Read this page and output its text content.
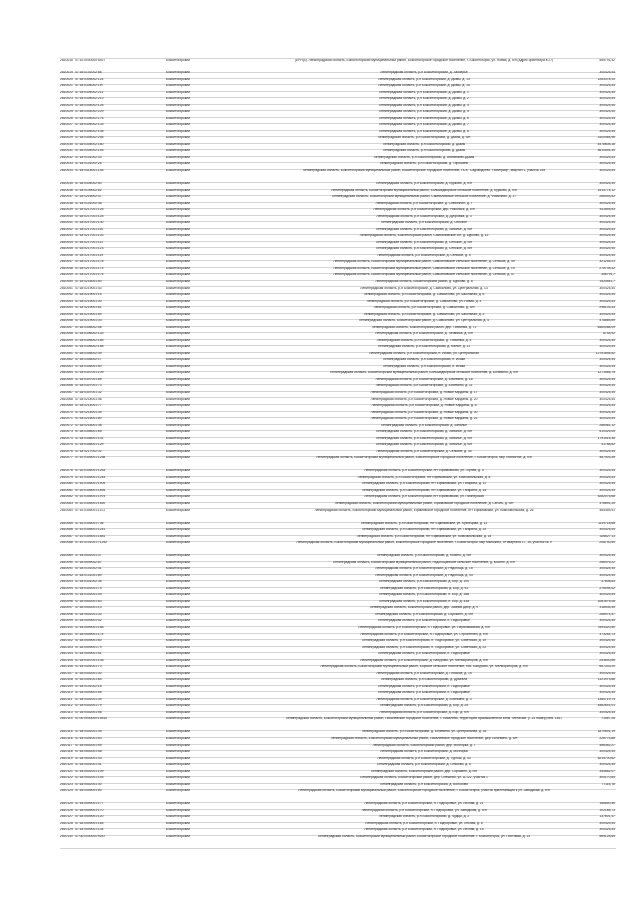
2810018 47:10:0000000:5927	Бокситогорский	(ЕРН(4), Ленинградская область, Бокситогорский муниципальный район, Бокситогорское городское поселение, г. Бокситогорск, ул. Новая, д. б/н (адрес ориентира в 27)	589791,42
2810019 47:16:0101002:58	Бокситогорский	Ленинградская область, р-н Бокситогорский, д. Заозерье	300425,44
2810020 47:18:0305002:124	Бокситогорский	Ленинградская область, р-н Бокситогорский, д. Дымы, д. 13	1263378,10
2810021 47:18:0304002:197	Бокситогорский	Ленинградская область, р-н Бокситогорский, д. Дымы, д. 15	300425,44
2810022 47:18:0304002:211	Бокситогорский	Ленинградская область, р-н Бокситогорский, д. Дымы, д. 1	300425,44
2810023 47:18:0304002:213	Бокситогорский	Ленинградская область, р-н Бокситогорский, д. Дымы, д. 2	300425,44
2810024 47:18:0304002:126	Бокситогорский	Ленинградская область, р-н Бокситогорский, д. Дымы, д. 4	300425,44
2810025 47:18:0304002:229	Бокситогорский	Ленинградская область, р-н Бокситогорский, д. Дымы, д. 5	300425,44
2810026 47:18:0304002:176	Бокситогорский	Ленинградская область, р-н Бокситогорский, д. Дымы, д. 6	300425,44
2810027 47:18:0304002:133	Бокситогорский	Ленинградская область, р-н Бокситогорский, д. Дымы, д. 7	300425,44
2810028 47:18:0304002:108	Бокситогорский	Ленинградская область, р-н Бокситогорский, д. Дымы, д. 8	300425,44
2810029 47:18:0304002:246	Бокситогорский	Ленинградская область, р-н Бокситогорский, д. Дымы, д. б/н	3100464,96
2810030 47:18:0304002:180	Бокситогорский	Ленинградская область, р-н Бокситогорский, д. Дымы	4478608,18
2810031 47:18:0304002:145	Бокситогорский	Ленинградская область, р-н Бокситогорский, д. Дымы	5610544,30
2810032 47:18:0101002:33	Бокситогорский	Ленинградская область, р-н Бокситогорский, д. Анисимово-Дымы	300425,44
2810033 47:18:0101002:26	Бокситогорский	Ленинградская область, р-н Бокситогорский, д. Торошино	300425,44
2810034 47:18:0414001:145	Бокситогорский	Ленинградская область, Бокситогорский муниципальный район, Бокситогорское городское поселение, ПСК "Садоводство "Полиграф", квартал 1, участок 155	300425,44
2810035 47:18:0304002:50	Бокситогорский	Ленинградская область, р-н Бокситогорский, д. Бурково, д. б/н	300425,44
2810036 47:18:0149002:82	Бокситогорский	Ленинградская область, Бокситогорский муниципальный район, Большедворское сельское поселение, д. Бурково, д. б/н	1514774,12
2810037 47:18:0216002:47	Бокситогорский	Ленинградская область, Бокситогорский муниципальный район, Самойловское сельское поселение, д. Фомичёво, д. 17	266493,52
2810038 47:18:0101002:38	Бокситогорский	Ленинградская область, р-н Бокситогорский, д. Совхозное, д. 7	300425,44
2810039 47:18:0217001:126	Бокситогорский	Ленинградская область, р-н Бокситогорский, дер. Никольск, д. б/н	511845,53
2810040 47:18:0217001:128	Бокситогорский	Ленинградская область, р-н Бокситогорский, д. Дубровка, д. 3	300425,44
2810041 47:18:0217001:130	Бокситогорский	Ленинградская область, р-н Бокситогорский, д. Сенское	300425,44
2810042 47:18:0217001:110	Бокситогорский	Ленинградская область, р-н Бокситогорский, д. Заполье, д. б/н	300425,44
2810043 47:18:0217001:103	Бокситогорский	Ленинградская область, Бокситогорский район, Самойловское с/п, д. Бурково, д. 13	300425,44
2810044 47:18:0217001:111	Бокситогорский	Ленинградская область, р-н Бокситогорский, д. Сенское, д. б/н	300425,44
2810045 47:18:0217001:123	Бокситогорский	Ленинградская область, р-н Бокситогорский, д. Сенское, д. б/н	300425,44
2810046 47:18:0217001:119	Бокситогорский	Ленинградская область, р-н Бокситогорский, д. Сенское, д. 5	300425,44
2810047 47:18:0217001:178	Бокситогорский	Ленинградская область, Бокситогорский муниципальный район, Самойловское сельское поселение, д. Сенское, д. 49	321245,23
2810048 47:18:0217001:174	Бокситогорский	Ленинградская область, Бокситогорский муниципальный район, Самойловское сельское поселение, д. Сенское, д. 19	278735,32
2810049 47:18:0217001:176	Бокситогорский	Ленинградская область, Бокситогорский муниципальный район, Самойловское сельское поселение, д. Сенское, д. 57	356791,7
2810050 47:18:0216001:50	Бокситогорский	Ленинградская область, Бокситогорский район, д. Бурково, д. 8	1524541,7
2810051 47:18:0219001:43	Бокситогорский	Ленинградская область, р-н Бокситогорский, д. Самойлово, ул. Центральная, д. 13	300425,44
2810052 47:18:0219001:15	Бокситогорский	Ленинградская область, р-н Бокситогорский, д. Самойлово, ул. Школьная, д. 6	300425,44
2810053 47:18:0219001:30	Бокситогорский	Ленинградская область, р-н Бокситогорский, д. Самойлово, ул. Новая, д. 4	300425,44
2810054 47:18:0219001:81	Бокситогорский	Ленинградская область, р-н Бокситогорский, д. Самойлово, д. б/н	296103,33
2810055 47:18:0219001:54	Бокситогорский	Ленинградская область, р-н Бокситогорский, д. Самойлово, ул. Школьная, д. 3	300425,44
2810056 47:18:0219001:33	Бокситогорский	Ленинградская область, Бокситогорский район, д. Самойлово, ул. Центральная, д. 4	478865,89
2810057 47:18:0306002:58	Бокситогорский	Ленинградская область, Бокситогорский район, дер. Тихвинка, д. 71	6460088,09
2810058 47:18:0306002:133	Бокситогорский	Ленинградская область, р-н Бокситогорский, д. Тихвинка, д. б/н	6745,92
2810059 47:18:0306002:165	Бокситогорский	Ленинградская область, р-н Бокситогорский, д. Тихвинка, д. 5	300425,44
2810060 47:18:0306002:168	Бокситогорский	Ленинградская область, р-н Бокситогорский, д. Мелье, д. 11	300425,44
2810061 47:18:0306002:49	Бокситогорский	Ленинградская область, р-н Бокситогорский, п. Исаки, ул. Центральная	12751846,52
2810062 47:18:0306002:17	Бокситогорский	Ленинградская область, р-н Бокситогорский, п. Исаки	300425,44
2810063 47:18:0306001:50	Бокситогорский	Ленинградская область, р-н Бокситогорский, п. Исаки	300425,44
2810064 47:18:0307001:109	Бокситогорский	Ленинградская область, Бокситогорский муниципальный район, Большедворское сельское поселение, д. Бочевино, д. б/н	1271585,75
2810065 47:18:0307001:85	Бокситогорский	Ленинградская область, р-н Бокситогорский, д. Бочевино, д. 18	300425,44
2810066 47:18:0307001:73	Бокситогорский	Ленинградская область, р-н Бокситогорский, д. Бочевино, д. 11	300425,44
2810067 47:18:0307001:32	Бокситогорский	Ленинградская область, р-н Бокситогорский, д. Новые Карданы, д. 17	300425,44
2810068 47:18:0214001:46	Бокситогорский	Ленинградская область, р-н Бокситогорский, д. Новые Карданы, д. 20	300425,44
2810069 47:18:0214001:77	Бокситогорский	Ленинградская область, р-н Бокситогорский, д. Новые Карданы, д. 8	300425,44
2810070 47:18:0214001:35	Бокситогорский	Ленинградская область, р-н Бокситогорский, д. Новые Карданы, д. 30	300425,44
2810071 47:18:0216001:80	Бокситогорский	Ленинградская область, р-н Бокситогорский, д. Новые Карданы, д. 21	300425,44
2810072 47:18:0216001:38	Бокситогорский	Ленинградская область, р-н Бокситогорский, д. Заполье	286461,12
2810073 47:18:0308001:65	Бокситогорский	Ленинградская область, р-н Бокситогорский, д. Заполье, д. б/н	510325,05
2810074 47:18:0308001:131	Бокситогорский	Ленинградская область, р-н Бокситогорский, д. Заполье, д. б/н	1791515,38
2810075 47:18:0308001:129	Бокситогорский	Ленинградская область, р-н Бокситогорский, д. Заполье, д. б/н	41788,82
2810076 47:18:0217002:32	Бокситогорский	Ленинградская область, р-н Бокситогорский, д. Сенское, д. 34	300425,44
2810077 47:10:0305001:1258	Бокситогорский	Ленинградская область, Бокситогорский муниципальный район, Бокситогорское городское поселение, г. Бокситогорск, мкр Глинистое, д. б/н	487403,35
2810078 47:10:0305001:1253	Бокситогорский	Ленинградская область, р-н Бокситогорский, пгт Ефимовский, ул. Горная, д. 4	300425,44
2810079 47:10:0305001:1244	Бокситогорский	Ленинградская область, р-н Бокситогорский, пгт Ефимовский, ул. Комсомольская, д. 8	300425,44
2810080 47:10:0305001:1904	Бокситогорский	Ленинградская область, р-н Бокситогорский, пгт Ефимовский, ул. Гагарина, д. 11	300425,44
2810081 47:10:0305001:1894	Бокситогорский	Ленинградская область, р-н Бокситогорский, пгт Ефимовский, ул. Гагарина, д. 15	300425,44
2810082 47:10:0305001:1975	Бокситогорский	Ленинградская область, р-н Бокситогорский, пгт Ефимовский, ул. Пионерская	5282076,68
2810083 47:10:0305001:1520	Бокситогорский	Ленинградская область, Бокситогорский муниципальный район, Ефимовское городское поселение, д. Сеголь, д. б/н	376891,25
2810084 47:10:0305001:1472	Бокситогорский	Ленинградская область, Бокситогорский муниципальный район, Ефимовское городское поселение, пгт Ефимовский, ул. Комсомольская, д. 26	484455,51
2810085 47:10:0305001:736	Бокситогорский	Ленинградская область, р-н Бокситогорский, пгт Ефимовский, ул. Кузнецова, д. 13	1119718,68
2810086 47:10:0305001:1241	Бокситогорский	Ленинградская область, р-н Бокситогорский, пгт Ефимовский, ул. Гагарина, д. 23	300425,44
2810087 47:10:0305001:1681	Бокситогорский	Ленинградская область, р-н Бокситогорский, пгт Ефимовский, ул. Комсомольская, д. 15	326627,11
2810088 47:10:0101001:71242	Бокситогорский	Ленинградская область, Бокситогорский муниципальный район, Бокситогорское городское поселение, г. Бокситогорск, мкр Мяльзино, от квартала 17, 18, участок № 9	208740,50
2810089 47:18:0501001:37	Бокситогорский	Ленинградская область, р-н Бокситогорский, д. Косино, д. б/н	300425,44
2810090 47:18:0509002:87	Бокситогорский	Ленинградская область, Бокситогорский муниципальный район, Радогощинское сельское поселение, д. Косино, д. б/н	266476,22
2810091 47:18:0101002:41	Бокситогорский	Ленинградская область, р-н Бокситогорский, д. Радогощь, д. 15	300425,44
2810092 47:18:0101001:80	Бокситогорский	Ленинградская область, р-н Бокситогорский, д. Радогощь, д. 44	300425,44
2810093 47:18:0301002:36	Бокситогорский	Ленинградская область, р-н Бокситогорский, д. Бор, д. 100	47808,63
2810094 47:18:0302001:74	Бокситогорский	Ленинградская область, р-н Бокситогорский, д. Бор, д. 93	276094,02
2810095 47:18:0302001:49	Бокситогорский	Ленинградская область, р-н Бокситогорский, п. Бор, д. 18А	300425,44
2810096 47:18:0502001:63	Бокситогорский	Ленинградская область, р-н Бокситогорский, п. Бор, д. 43а	1081675,08
2810097 47:18:0502001:13	Бокситогорский	Ленинградская область, Бокситогорский район, дер. Заяний Двор, д. 9	318535,45
2810098 47:18:0501001:30	Бокситогорский	Ленинградская область, р-н Бокситогорский, д. Сорокино, д. б/н	268974,57
2810099 47:18:0509001:42	Бокситогорский	Ленинградская область, р-н Бокситогорский, п. Подборовье	300425,44
2810100 47:18:0509001:168	Бокситогорский	Ленинградская область, р-н Бокситогорский, п. Подборовье, ул. Первомайская, д. б/н	7894320,50
2810101 47:18:0509001:174	Бокситогорский	Ленинградская область, р-н Бокситогорский, п. Подборовье, ул. Строителей, д. б/н	373264,73
2810102 47:18:0509001:80	Бокситогорский	Ленинградская область, р-н Бокситогорский, п. Подборовье, ул. Советская, д. 19	300425,44
2810103 47:18:0509001:79	Бокситогорский	Ленинградская область, р-н Бокситогорский, п. Подборовье, ул. Советская, д. 23	300425,44
2810104 47:18:0509001:51	Бокситогорский	Ленинградская область, р-н Бокситогорский, п. Подборовье	300425,44
2810105 47:18:0407001:136	Бокситогорский	Ленинградская область, р-н Бокситогорский, д. Бабурово, ул. Мелиораторов, д. б/н	253640,66
2810106 47:18:0401001:73	Бокситогорский	Ленинградская область, Бокситогорский муниципальный район, Борское сельское поселение, пос. Бабурово, ул. Мелиораторов, д. б/н	667333,20
2810107 47:18:0402001:30	Бокситогорский	Ленинградская область, р-н Бокситогорский, д. Плоское, д. 15	300425,44
2810108 47:18:0401001:84	Бокситогорский	Ленинградская область, р-н Бокситогорский, д. Дрыгала	1121973,86
2810109 47:18:0101002:18	Бокситогорский	Ленинградская область, р-н Бокситогорский, п. Подборовье	300425,44
2810110 47:18:0509001:55	Бокситогорский	Ленинградская область, р-н Бокситогорский, п. Подборовье	300425,44
2810111 47:18:0401001:34	Бокситогорский	Ленинградская область, р-н Бокситогорский, д. Бочевино, д. 3	1380719,74
2810112 47:18:0402001:79	Бокситогорский	Ленинградская область, р-н Бокситогорский, д. Бор, д. 25	4482641,01
2810113 47:18:0402001:56	Бокситогорский	Ленинградская область, р-н Бокситогорский, д. Бор, д. б/н	300425,44
2810114 47:00:0000000:15510	Бокситогорский	Ленинградская область, Бокситогорский муниципальный район, Пикалевское городское поселение, г. Пикалево, территория промышленной зоны "Метахим" (Г.14 номер) инв. 1467	71587,28
2810115 47:18:0401001:35	Бокситогорский	Ленинградская область, р-н Бокситогорский, д. Бочевино, ул. Центральная, д. 35	1879891,19
2810116 47:18:0401001:63	Бокситогорский	Ленинградская область, Бокситогорский муниципальный район, Пикалевское городское поселение, дер. Бочевино, д. б/н	228775,88
2810117 47:18:0602001:59	Бокситогорский	Ленинградская область, Бокситогорский район, дер. Мочгорка, д. 7	486362,27
2810118 47:18:0602001:58	Бокситогорский	Ленинградская область, р-н Бокситогорский, д. Мочгорка	300425,44
2810119 47:18:0503001:43	Бокситогорский	Ленинградская область, р-н Бокситогорский, д. Тургош, д. 43	5215700,62
2810120 47:18:0501001:41	Бокситогорский	Ленинградская область, р-н Бокситогорский, д. Ольхово, д. 6	300425,44
2810121 47:18:0501001:109	Бокситогорский	Ленинградская область, Бокситогорский район, дер. Сорокино, д. б/н	354882,07
2810122 47:18:0502001:145	Бокситогорский	Ленинградская область, Бокситогорский район, дер. Олешево, ул. А-122, участок 1	300170,54
2810123 47:18:0502001:30	Бокситогорский	Ленинградская область, р-н Бокситогорский, д. Волосово	77116,78
2810124 47:18:0405001:80	Бокситогорский	Ленинградская область, Бокситогорский муниципальный район, Бокситогорское городское поселение, г. Бокситогорск, участок прилегающий к ул. Заводская, д. б/н
2810125 47:18:0509001:177	Бокситогорский	Ленинградская область, р-н Бокситогорский, п. Подборовье, ул. Лесная, д. 21	166840,45
2810126 47:18:0509001:170	Бокситогорский	Ленинградская область, р-н Бокситогорский, п. Подборовье, ул. Заводская, д. б/н	102185,73
2810127 47:18:0509001:120	Бокситогорский	Ленинградская область, р-н Бокситогорский, д. Чудцы, д. 2	137601,47
2810128 47:18:0509001:165	Бокситогорский	Ленинградская область, р-н Бокситогорский, п. Подборовье, ул. Лесная, д. 8	300425,44
2810129 47:18:0509001:134	Бокситогорский	Ленинградская область, р-н Бокситогорский, п. Подборовье, ул. Лесная, д. 15	300425,44
2810130 47:00:0000000:9287	Бокситогорский	Ленинградская область, Бокситогорский муниципальный район, Бокситогорское городское поселение, г. Бокситогорск, ул. Почтовая, д. 14	569128,65
